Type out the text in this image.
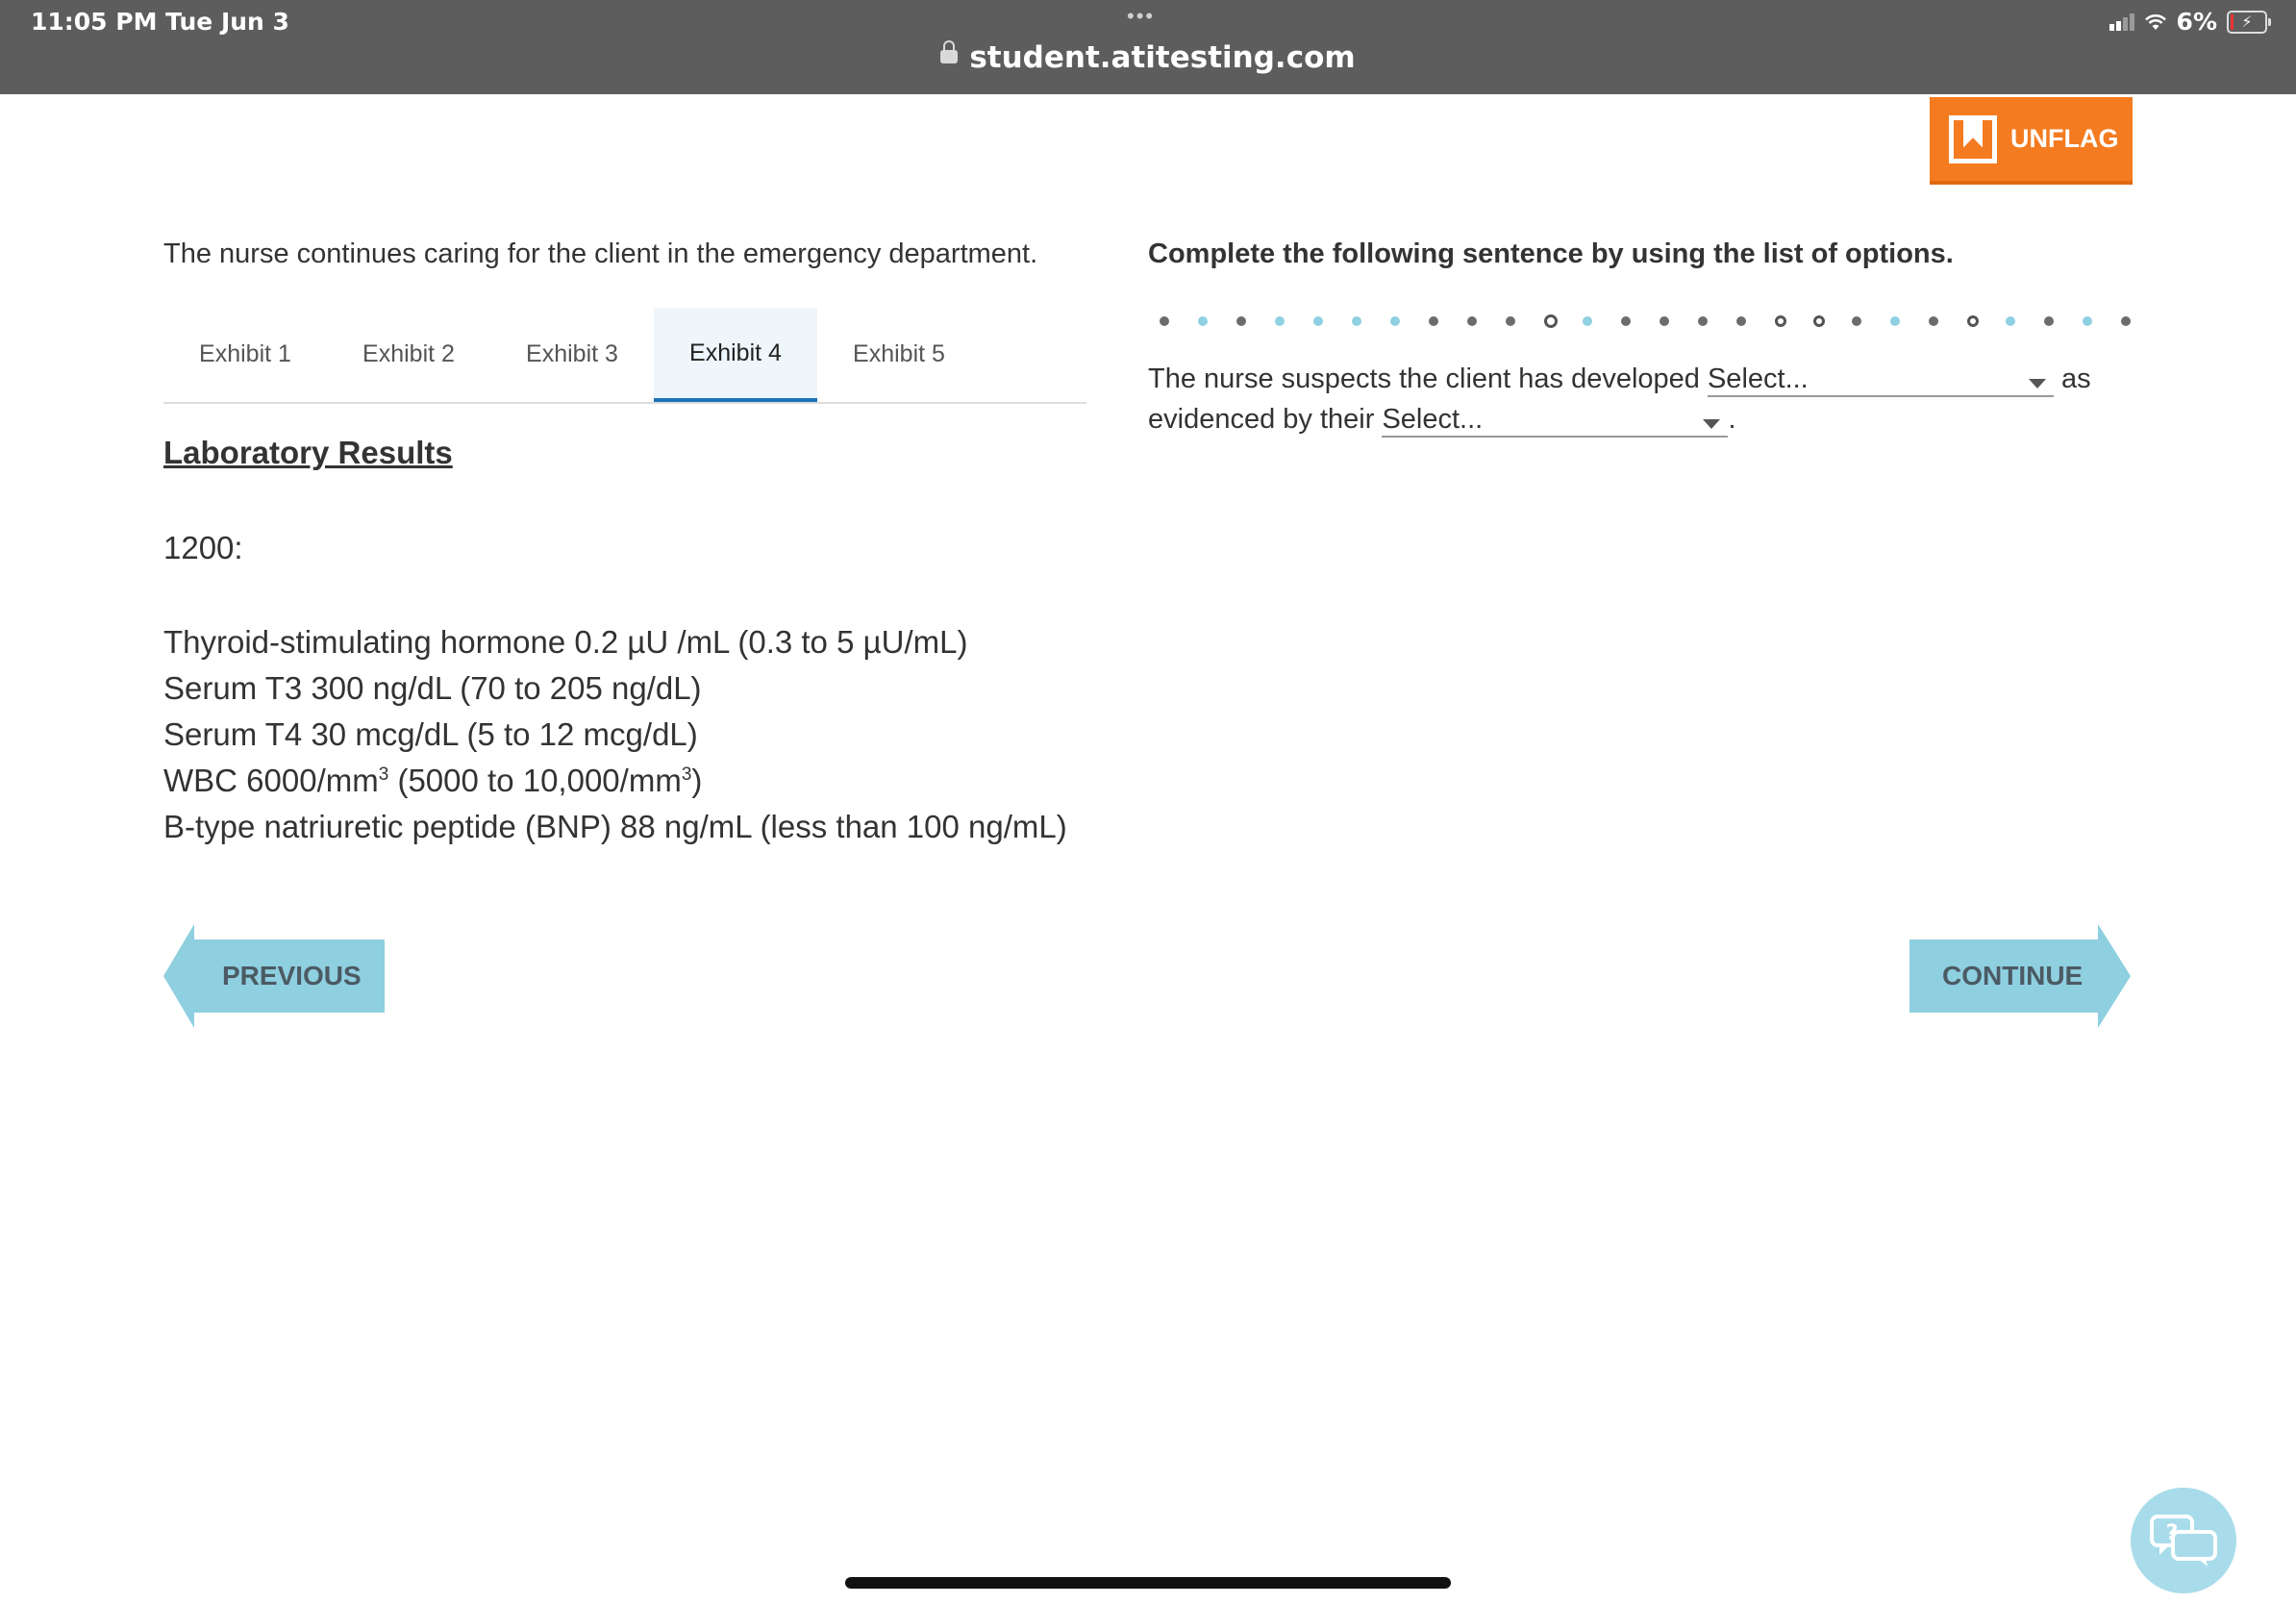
11:05 PM Tue Jun 3	•••
student.atitesting.com
6% ⚡
UNFLAG
The nurse continues caring for the client in the emergency department.
Exhibit 1	Exhibit 2	Exhibit 3	Exhibit 4	Exhibit 5
Laboratory Results
1200:
Thyroid-stimulating hormone 0.2 µU /mL (0.3 to 5 µU/mL)
Serum T3 300 ng/dL (70 to 205 ng/dL)
Serum T4 30 mcg/dL (5 to 12 mcg/dL)
WBC $6000/mm^3$ (5000 to $10,000/mm^3$)
B-type natriuretic peptide (BNP) 88 ng/mL (less than 100 ng/mL)
Complete the following sentence by using the list of options.
The nurse suspects the client has developed Select...	as
evidenced by their Select...	.
PREVIOUS	CONTINUE
?
